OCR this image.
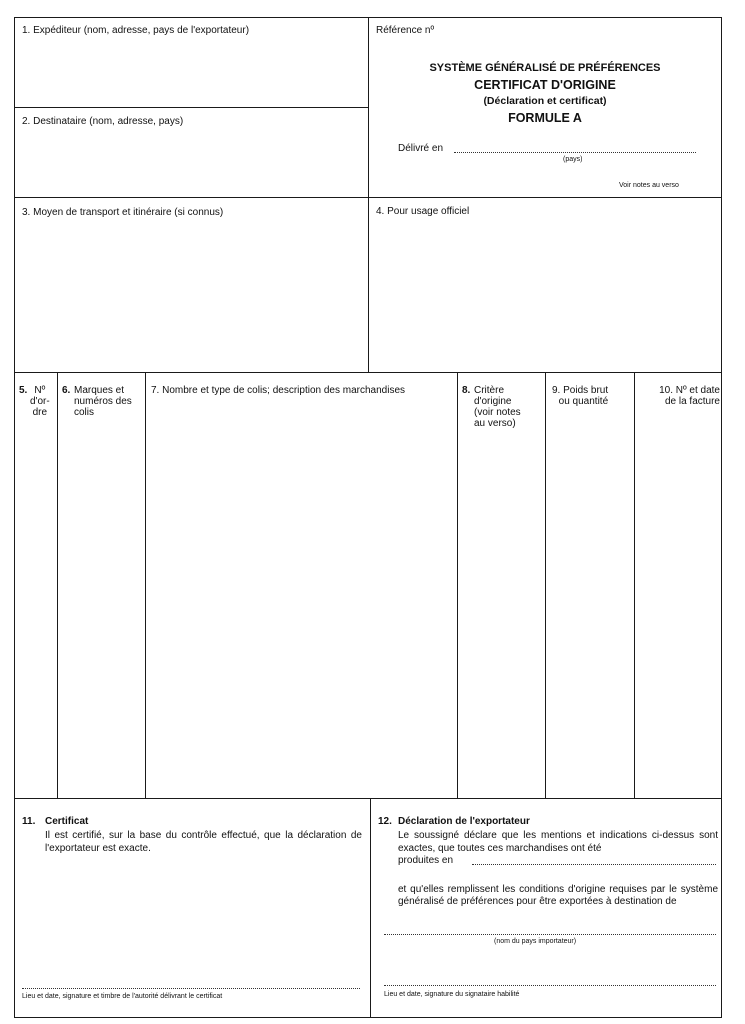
1. Expéditeur (nom, adresse, pays de l'exportateur)
2. Destinataire (nom, adresse, pays)
Référence nº
SYSTÈME GÉNÉRALISÉ DE PRÉFÉRENCES
CERTIFICAT D'ORIGINE
(Déclaration et certificat)
FORMULE A
Délivré en
(pays)
Voir notes au verso
3. Moyen de transport et itinéraire (si connus)	4. Pour usage officiel
5. Nº
d'or-
dre
6. Marques et
numéros des
colis
7. Nombre et type de colis; description des marchandises	8. Critère
d'origine
(voir notes
au verso)
9. Poids brut
ou quantité
10. Nº et date
de la facture
11. Certificat
Il est certifié, sur la base du contrôle effectué, que la déclaration de l'exportateur est exacte.
Lieu et date, signature et timbre de l'autorité délivrant le certificat
12. Déclaration de l'exportateur
Le soussigné déclare que les mentions et indications ci-dessus sont exactes, que toutes ces marchandises ont été
produites en
et qu'elles remplissent les conditions d'origine requises par le système généralisé de préférences pour être exportées à destination de
(nom du pays importateur)
Lieu et date, signature du signataire habilité
